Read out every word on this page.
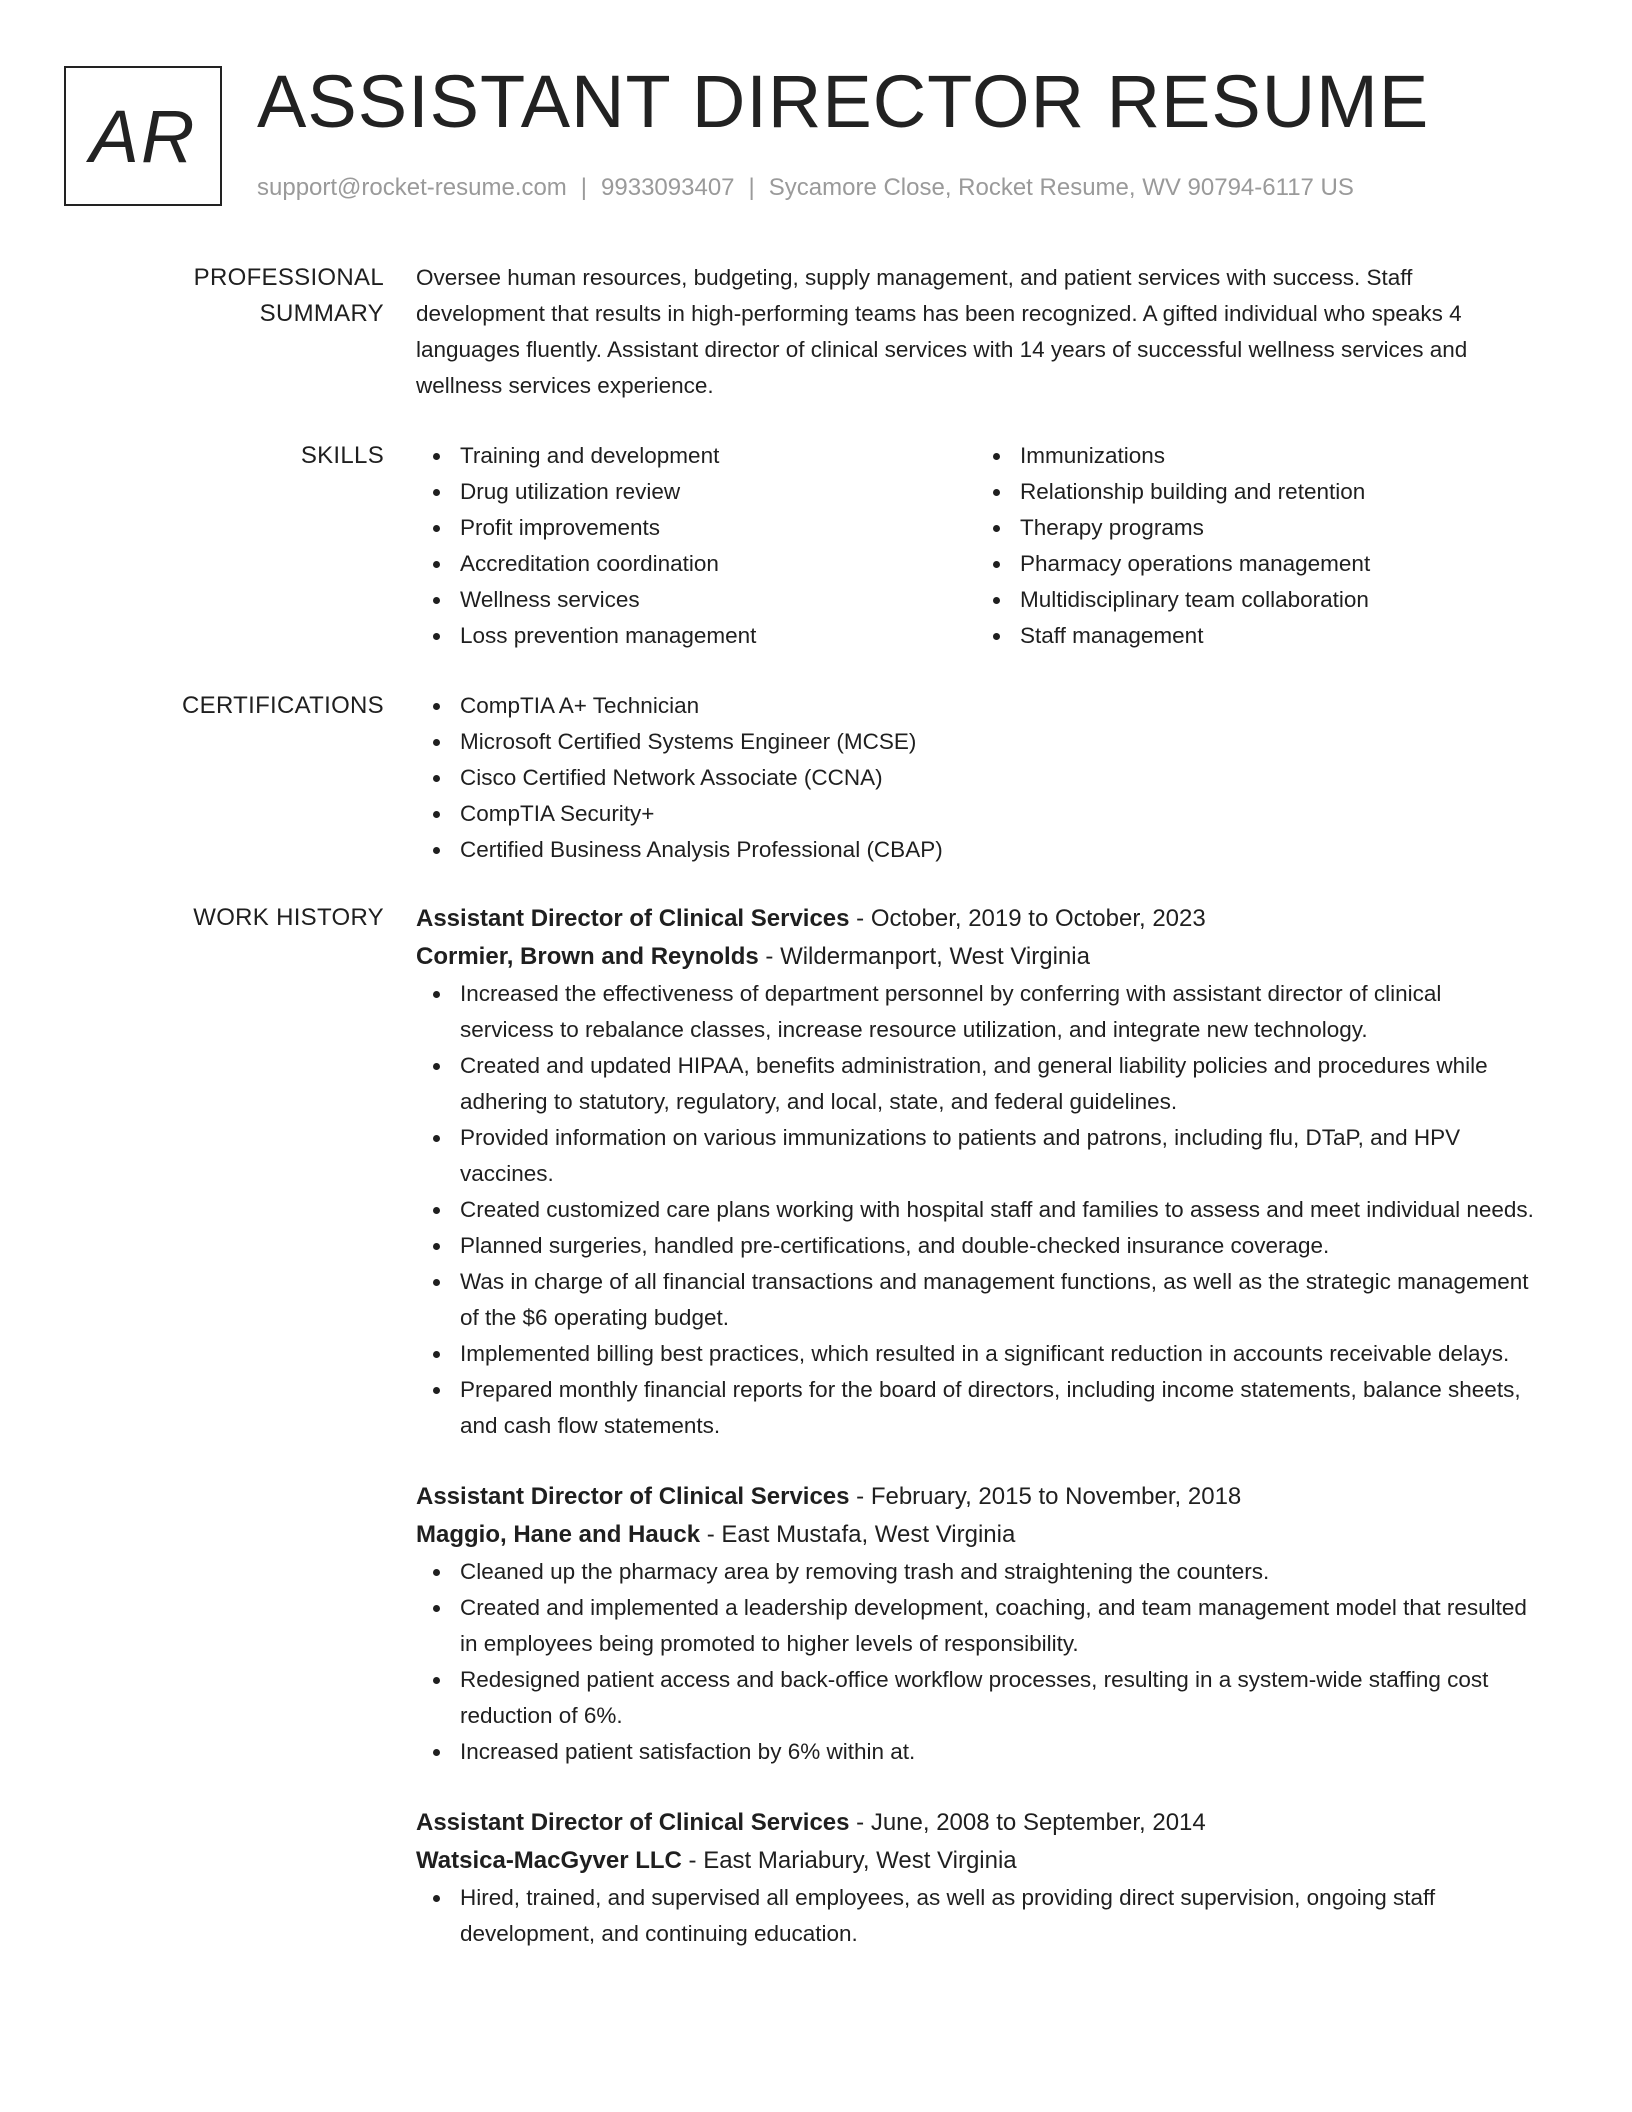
AR ASSISTANT DIRECTOR RESUME
support@rocket-resume.com | 9933093407 | Sycamore Close, Rocket Resume, WV 90794-6117 US
PROFESSIONAL SUMMARY

Oversee human resources, budgeting, supply management, and patient services with success. Staff development that results in high-performing teams has been recognized. A gifted individual who speaks 4 languages fluently. Assistant director of clinical services with 14 years of successful wellness services and wellness services experience.

SKILLS	Training and development
Drug utilization review
Profit improvements
Accreditation coordination
Wellness services
Loss prevention management
Immunizations
Relationship building and retention
Therapy programs
Pharmacy operations management
Multidisciplinary team collaboration
Staff management
CERTIFICATIONS	CompTIA A+ Technician
Microsoft Certified Systems Engineer (MCSE)
Cisco Certified Network Associate (CCNA)
CompTIA Security+
Certified Business Analysis Professional (CBAP)
WORK HISTORY	Assistant Director of Clinical Services - October, 2019 to October, 2023
Cormier, Brown and Reynolds - Wildermanport, West Virginia
Increased the effectiveness of department personnel by conferring with assistant director of clinical servicess to rebalance classes, increase resource utilization, and integrate new technology.
Created and updated HIPAA, benefits administration, and general liability policies and procedures while adhering to statutory, regulatory, and local, state, and federal guidelines.
Provided information on various immunizations to patients and patrons, including flu, DTaP, and HPV vaccines.
Created customized care plans working with hospital staff and families to assess and meet individual needs.
Planned surgeries, handled pre-certifications, and double-checked insurance coverage.
Was in charge of all financial transactions and management functions, as well as the strategic management of the $6 operating budget.
Implemented billing best practices, which resulted in a significant reduction in accounts receivable delays.
Prepared monthly financial reports for the board of directors, including income statements, balance sheets, and cash flow statements.
Assistant Director of Clinical Services - February, 2015 to November, 2018
Maggio, Hane and Hauck - East Mustafa, West Virginia
Cleaned up the pharmacy area by removing trash and straightening the counters.
Created and implemented a leadership development, coaching, and team management model that resulted in employees being promoted to higher levels of responsibility.
Redesigned patient access and back-office workflow processes, resulting in a system-wide staffing cost reduction of 6%.
Increased patient satisfaction by 6% within at.
Assistant Director of Clinical Services - June, 2008 to September, 2014
Watsica-MacGyver LLC - East Mariabury, West Virginia
Hired, trained, and supervised all employees, as well as providing direct supervision, ongoing staff development, and continuing education.
